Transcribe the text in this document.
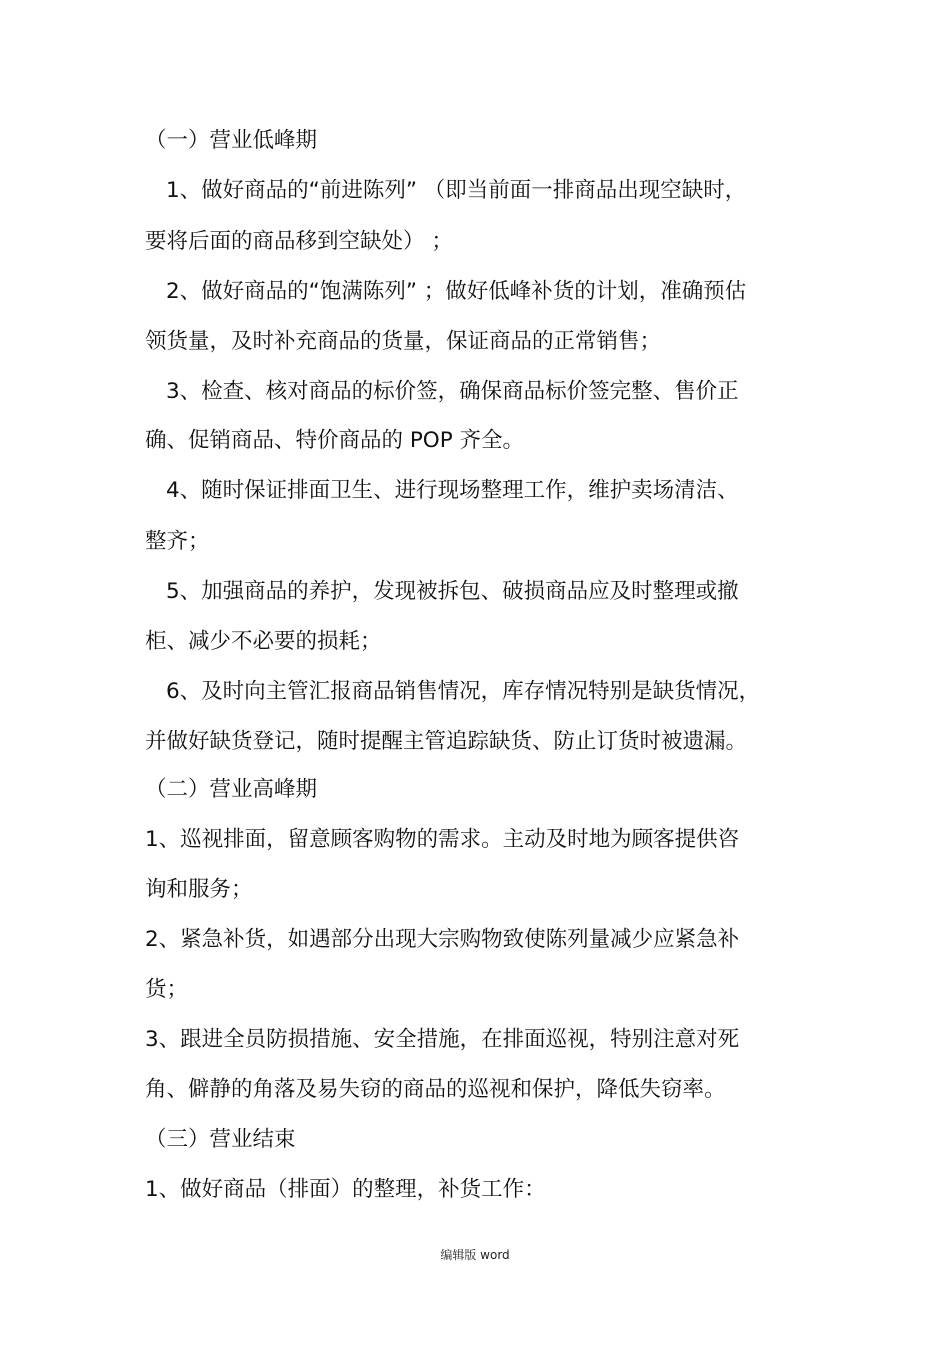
（一）营业低峰期
1、做好商品的“前进陈列” （即当前面一排商品出现空缺时，
要将后面的商品移到空缺处） ；
2、做好商品的“饱满陈列” ；做好低峰补货的计划，准确预估
领货量，及时补充商品的货量，保证商品的正常销售；
3、检查、核对商品的标价签，确保商品标价签完整、售价正
确、促销商品、特价商品的 POP 齐全。
4、随时保证排面卫生、进行现场整理工作，维护卖场清洁、
整齐；
5、加强商品的养护，发现被拆包、破损商品应及时整理或撤
柜、减少不必要的损耗；
6、及时向主管汇报商品销售情况，库存情况特别是缺货情况，
并做好缺货登记，随时提醒主管追踪缺货、防止订货时被遗漏。
（二）营业高峰期
1、巡视排面，留意顾客购物的需求。主动及时地为顾客提供咨
询和服务；
2、紧急补货，如遇部分出现大宗购物致使陈列量减少应紧急补
货；
3、跟进全员防损措施、安全措施，在排面巡视，特别注意对死
角、僻静的角落及易失窃的商品的巡视和保护，降低失窃率。
（三）营业结束
1、做好商品（排面）的整理，补货工作：
编辑版 word
